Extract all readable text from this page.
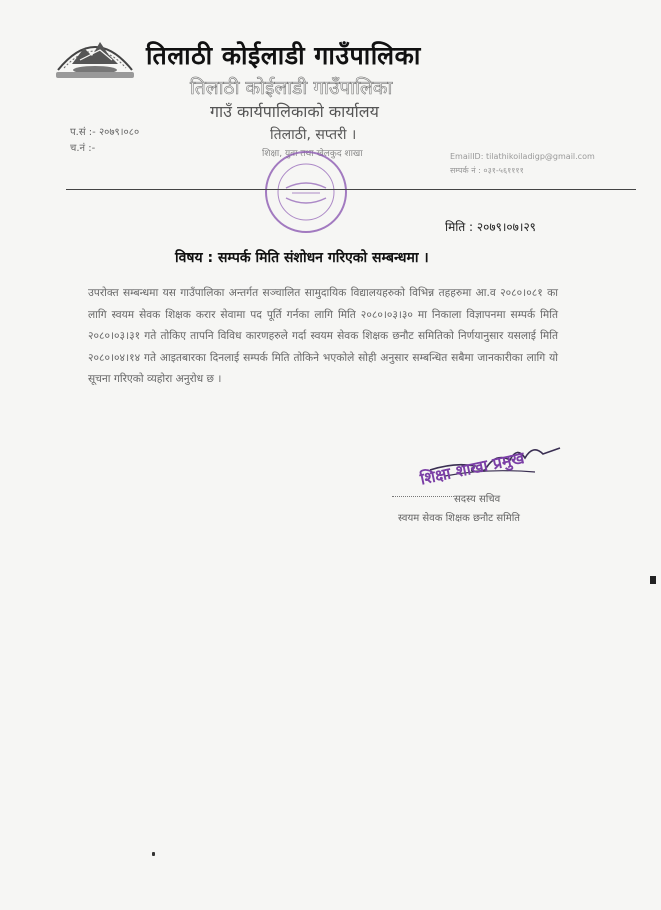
तिलाठी कोईलाडी गाउँपालिका
तिलाठी कोईलाडी गाउँपालिका
गाउँ कार्यपालिकाको कार्यालय
तिलाठी, सप्तरी ।
शिक्षा, युवा तथा खेलकुद शाखा
प.सं :- २०७९।०८०
च.नं :-
EmailID: tilathikoiladigp@gmail.com
सम्पर्क नं : ०३१-५६११११
मिति : २०७९।०७।२९
विषय : सम्पर्क मिति संशोधन गरिएको सम्बन्धमा ।
उपरोक्त सम्बन्धमा यस गाउँपालिका अन्तर्गत सञ्चालित सामुदायिक विद्यालयहरुको विभिन्न तहहरुमा आ.व २०८०।०८१ का लागि स्वयम सेवक शिक्षक करार सेवामा पद पूर्ति गर्नका लागि मिति २०८०।०३।३० मा निकाला विज्ञापनमा सम्पर्क मिति २०८०।०३।३१ गते तोकिए तापनि विविध कारणहरुले गर्दा स्वयम सेवक शिक्षक छनौट समितिको निर्णयानुसार यसलाई मिति २०८०।०४।१४ गते आइतबारका दिनलाई सम्पर्क मिति तोकिने भएकोले सोही अनुसार सम्बन्धित सबैमा जानकारीका लागि यो सूचना गरिएको व्यहोरा अनुरोध छ ।
शिक्षा शाखा प्रमुख
सदस्य सचिव
स्वयम सेवक शिक्षक छनौट समिति
